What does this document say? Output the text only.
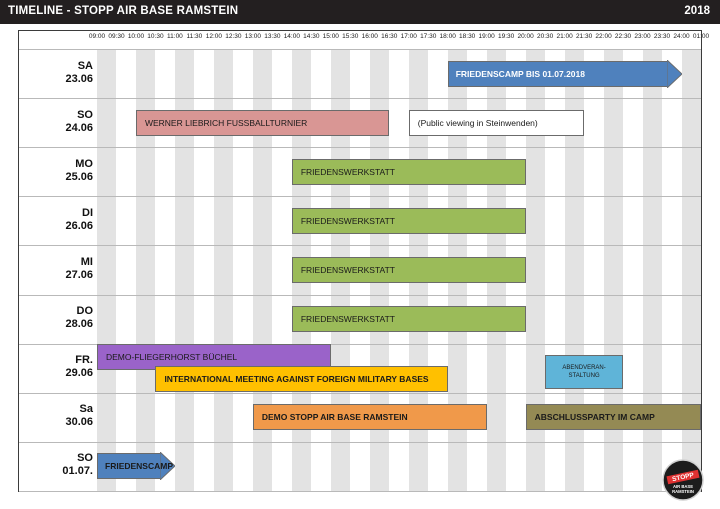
TIMELINE - STOPP AIR BASE RAMSTEIN	2018
09:00 09:30 10:00 10:30 11:00 11:30 12:00 12:30 13:00 13:30 14:00 14:30 15:00 15:30 16:00 16:30 17:00 17:30 18:00 18:30 19:00 19:30 20:00 20:30 21:00 21:30 22:00 22:30 23:00 23:30 24:00 01:00
SA
23.06
SO
24.06
MO
25.06
DI
26.06
MI
27.06
DO
28.06
FR.
29.06
Sa
30.06
SO
01.07.
FRIEDENSCAMP BIS 01.07.2018
WERNER LIEBRICH FUSSBALLTURNIER	(Public viewing in Steinwenden)
FRIEDENSWERKSTATT
FRIEDENSWERKSTATT
FRIEDENSWERKSTATT
FRIEDENSWERKSTATT
DEMO-FLIEGERHORST BÜCHEL
INTERNATIONAL MEETING AGAINST FOREIGN MILITARY BASES
ABENDVERAN-
STALTUNG
DEMO STOPP AIR BASE RAMSTEIN	ABSCHLUSSPARTY IM CAMP
FRIEDENSCAMP
STOPP
AIR BASE
RAMSTEIN
